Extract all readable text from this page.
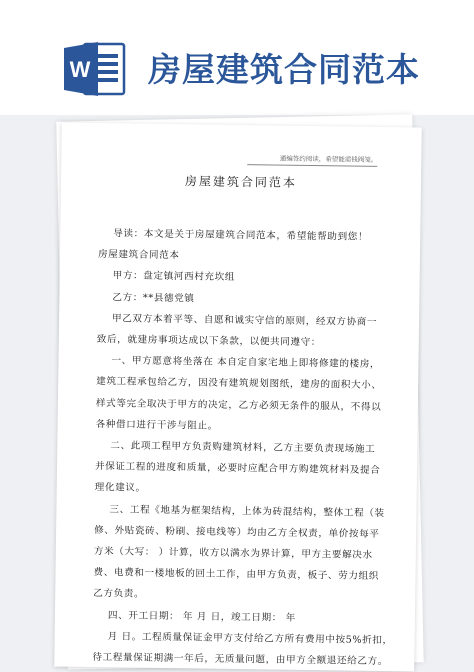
W 房屋建筑合同范本
通编签约阅读，希望能需钱阀笺。
房屋建筑合同范本
导读：本文是关于房屋建筑合同范本，希望能帮助到您！
房屋建筑合同范本
甲方：盘定镇河西村充坎组
乙方：**县德党镇
甲乙双方本着平等、自愿和诚实守信的原则，经双方协商一
致后，就建房事项达成以下条款，以便共同遵守：
一、甲方愿意将坐落在 本自定自家宅地上即将修建的楼房，
建筑工程承包给乙方，因没有建筑规划图纸，建房的面积大小、
样式等完全取决于甲方的决定，乙方必须无条件的服从，不得以
各种借口进行干涉与阻止。
二、此项工程甲方负责购建筑材料，乙方主要负责现场施工
并保证工程的进度和质量，必要时应配合甲方购建筑材料及提合
理化建议。
三、工程《地基为框架结构，上体为砖混结构，整体工程（装
修、外贴瓷砖、粉刷、接电线等）均由乙方全权责，单价按每平
方米（大写： ）计算，收方以满水为界计算，甲方主要解决水
费、电费和一楼地板的回土工作，由甲方负责，板子、劳力组织
乙方负责。
四、开工日期： 年 月 日，竣工日期： 年
月 日。工程质量保证金甲方支付给乙方所有费用中按5%折扣，
待工程量保证期满一年后，无质量问题，由甲方全额退还给乙方。
